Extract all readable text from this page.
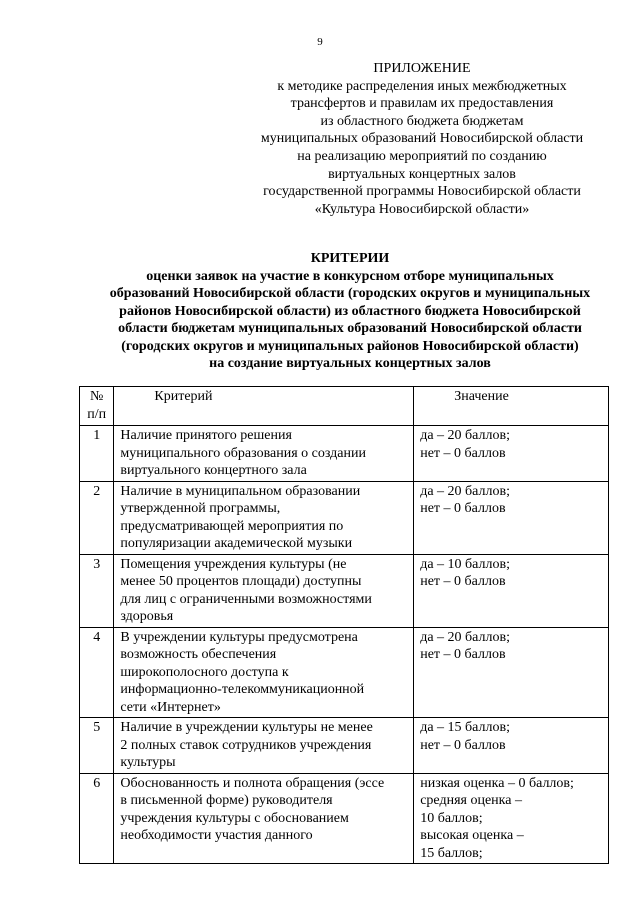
9
ПРИЛОЖЕНИЕ
к методике распределения иных межбюджетных
трансфертов и правилам их предоставления
из областного бюджета бюджетам
муниципальных образований Новосибирской области
на реализацию мероприятий по созданию
виртуальных концертных залов
государственной программы Новосибирской области
«Культура Новосибирской области»
КРИТЕРИИ
оценки заявок на участие в конкурсном отборе муниципальных
образований Новосибирской области (городских округов и муниципальных
районов Новосибирской области) из областного бюджета Новосибирской
области бюджетам муниципальных образований Новосибирской области
(городских округов и муниципальных районов Новосибирской области)
на создание виртуальных концертных залов
№
п/п	Критерий	Значение
1	Наличие принятого решения
муниципального образования о создании
виртуального концертного зала	да – 20 баллов;
нет – 0 баллов

2	Наличие в муниципальном образовании
утвержденной программы,
предусматривающей мероприятия по
популяризации академической музыки	да – 20 баллов;
нет – 0 баллов

3	Помещения учреждения культуры (не
менее 50 процентов площади) доступны
для лиц с ограниченными возможностями
здоровья	да – 10 баллов;
нет – 0 баллов

4	В учреждении культуры предусмотрена
возможность обеспечения
широкополосного доступа к
информационно-телекоммуникационной
сети «Интернет»	да – 20 баллов;
нет – 0 баллов

5	Наличие в учреждении культуры не менее
2 полных ставок сотрудников учреждения
культуры	да – 15 баллов;
нет – 0 баллов

6	Обоснованность и полнота обращения (эссе
в письменной форме) руководителя
учреждения культуры с обоснованием
необходимости участия данного	низкая оценка – 0 баллов;
средняя оценка –
10 баллов;
высокая оценка –
15 баллов;
